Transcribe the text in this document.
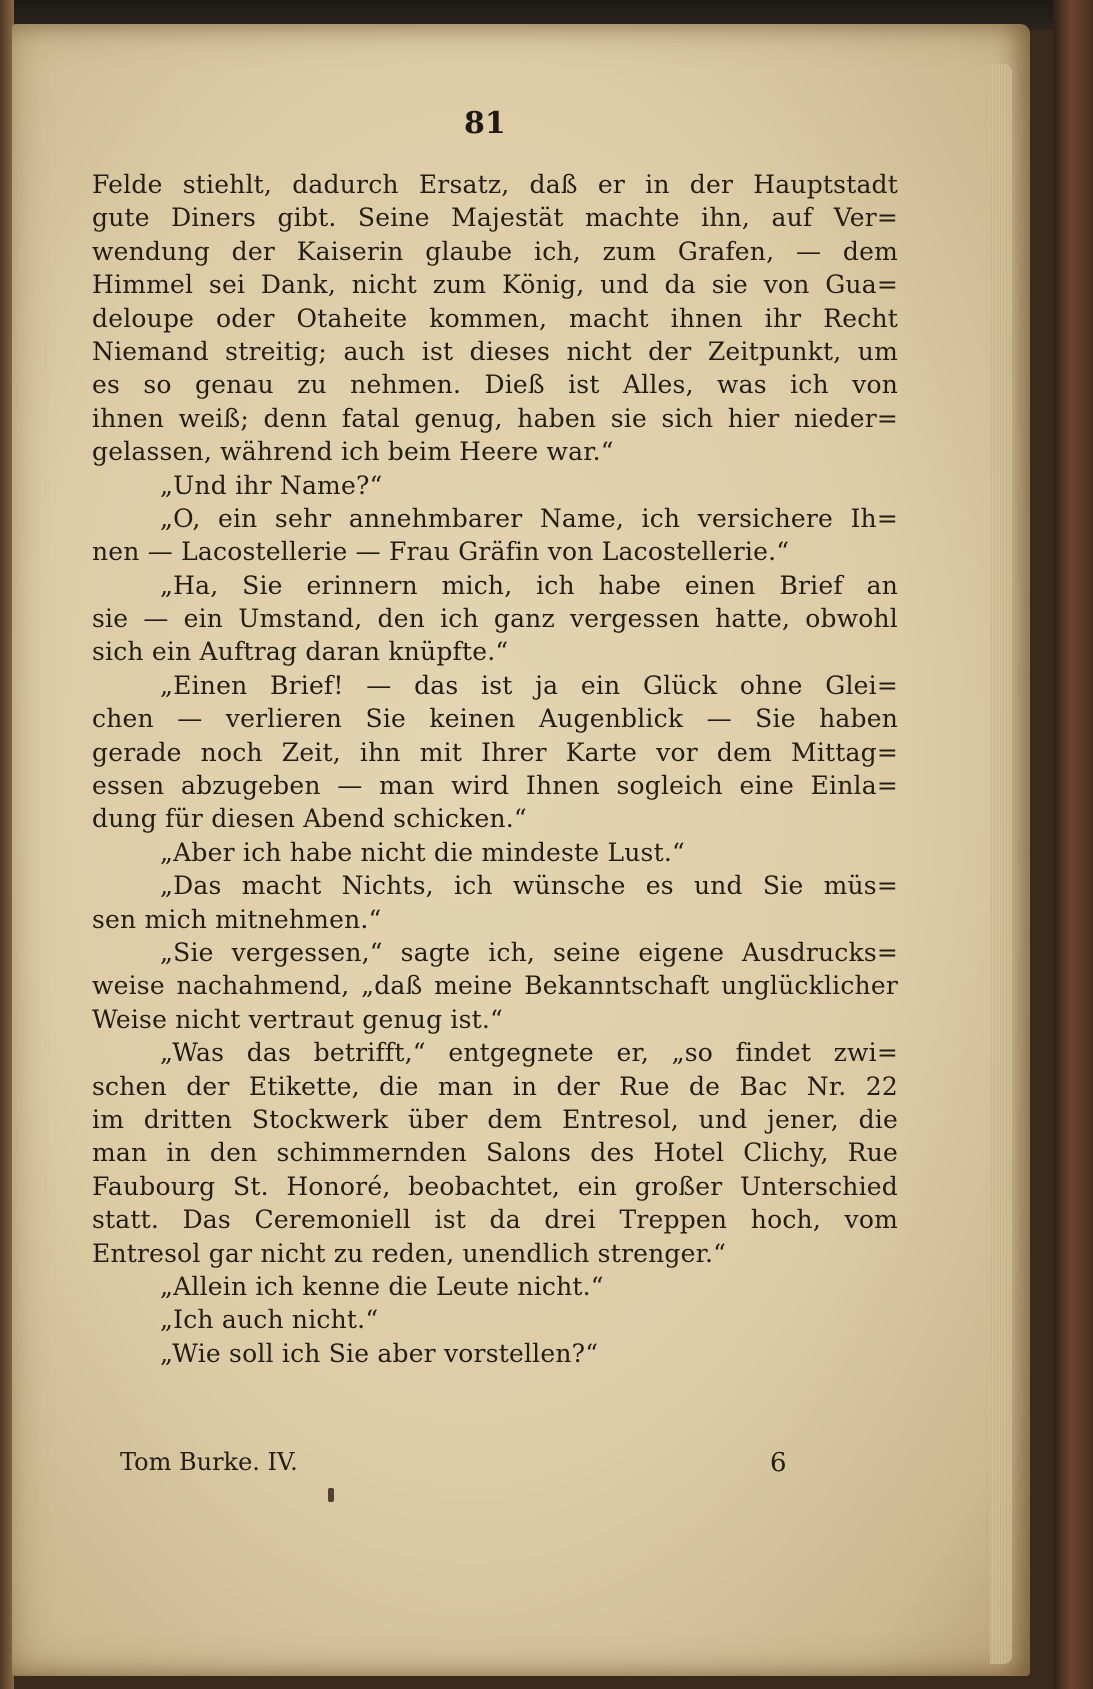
81
Felde stiehlt, dadurch Ersatz, daß er in der Hauptstadt
gute Diners gibt. Seine Majestät machte ihn, auf Ver=
wendung der Kaiserin glaube ich, zum Grafen, — dem
Himmel sei Dank, nicht zum König, und da sie von Gua=
deloupe oder Otaheite kommen, macht ihnen ihr Recht
Niemand streitig; auch ist dieses nicht der Zeitpunkt, um
es so genau zu nehmen. Dieß ist Alles, was ich von
ihnen weiß; denn fatal genug, haben sie sich hier nieder=
gelassen, während ich beim Heere war.“
„Und ihr Name?“
„O, ein sehr annehmbarer Name, ich versichere Ih=
nen — Lacostellerie — Frau Gräfin von Lacostellerie.“
„Ha, Sie erinnern mich, ich habe einen Brief an
sie — ein Umstand, den ich ganz vergessen hatte, obwohl
sich ein Auftrag daran knüpfte.“
„Einen Brief! — das ist ja ein Glück ohne Glei=
chen — verlieren Sie keinen Augenblick — Sie haben
gerade noch Zeit, ihn mit Ihrer Karte vor dem Mittag=
essen abzugeben — man wird Ihnen sogleich eine Einla=
dung für diesen Abend schicken.“
„Aber ich habe nicht die mindeste Lust.“
„Das macht Nichts, ich wünsche es und Sie müs=
sen mich mitnehmen.“
„Sie vergessen,“ sagte ich, seine eigene Ausdrucks=
weise nachahmend, „daß meine Bekanntschaft unglücklicher
Weise nicht vertraut genug ist.“
„Was das betrifft,“ entgegnete er, „so findet zwi=
schen der Etikette, die man in der Rue de Bac Nr. 22
im dritten Stockwerk über dem Entresol, und jener, die
man in den schimmernden Salons des Hotel Clichy, Rue
Faubourg St. Honoré, beobachtet, ein großer Unterschied
statt. Das Ceremoniell ist da drei Treppen hoch, vom
Entresol gar nicht zu reden, unendlich strenger.“
„Allein ich kenne die Leute nicht.“
„Ich auch nicht.“
„Wie soll ich Sie aber vorstellen?“
Tom Burke. IV.	6
